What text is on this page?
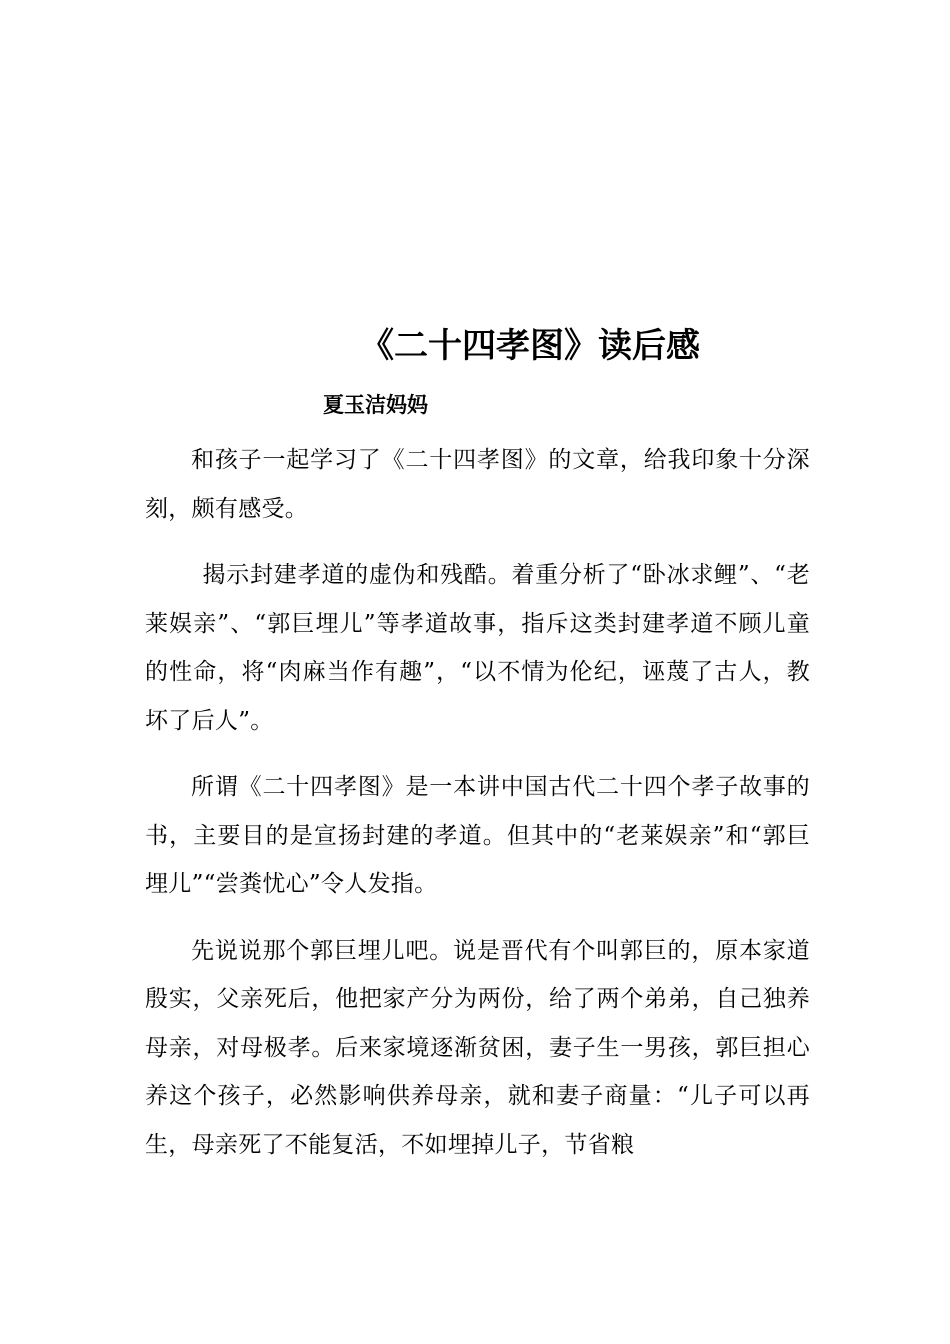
《二十四孝图》读后感
夏玉洁妈妈

和孩子一起学习了《二十四孝图》的文章，给我印象十分深刻，颇有感受。

揭示封建孝道的虚伪和残酷。着重分析了“卧冰求鲤”、“老莱娱亲”、“郭巨埋儿”等孝道故事，指斥这类封建孝道不顾儿童的性命，将“肉麻当作有趣”，“以不情为伦纪，诬蔑了古人，教坏了后人”。

所谓《二十四孝图》是一本讲中国古代二十四个孝子故事的书，主要目的是宣扬封建的孝道。但其中的“老莱娱亲”和“郭巨埋儿”“尝粪忧心”令人发指。

先说说那个郭巨埋儿吧。说是晋代有个叫郭巨的，原本家道殷实，父亲死后，他把家产分为两份，给了两个弟弟，自己独养母亲，对母极孝。后来家境逐渐贫困，妻子生一男孩，郭巨担心养这个孩子，必然影响供养母亲，就和妻子商量：“儿子可以再生，母亲死了不能复活，不如埋掉儿子，节省粮
